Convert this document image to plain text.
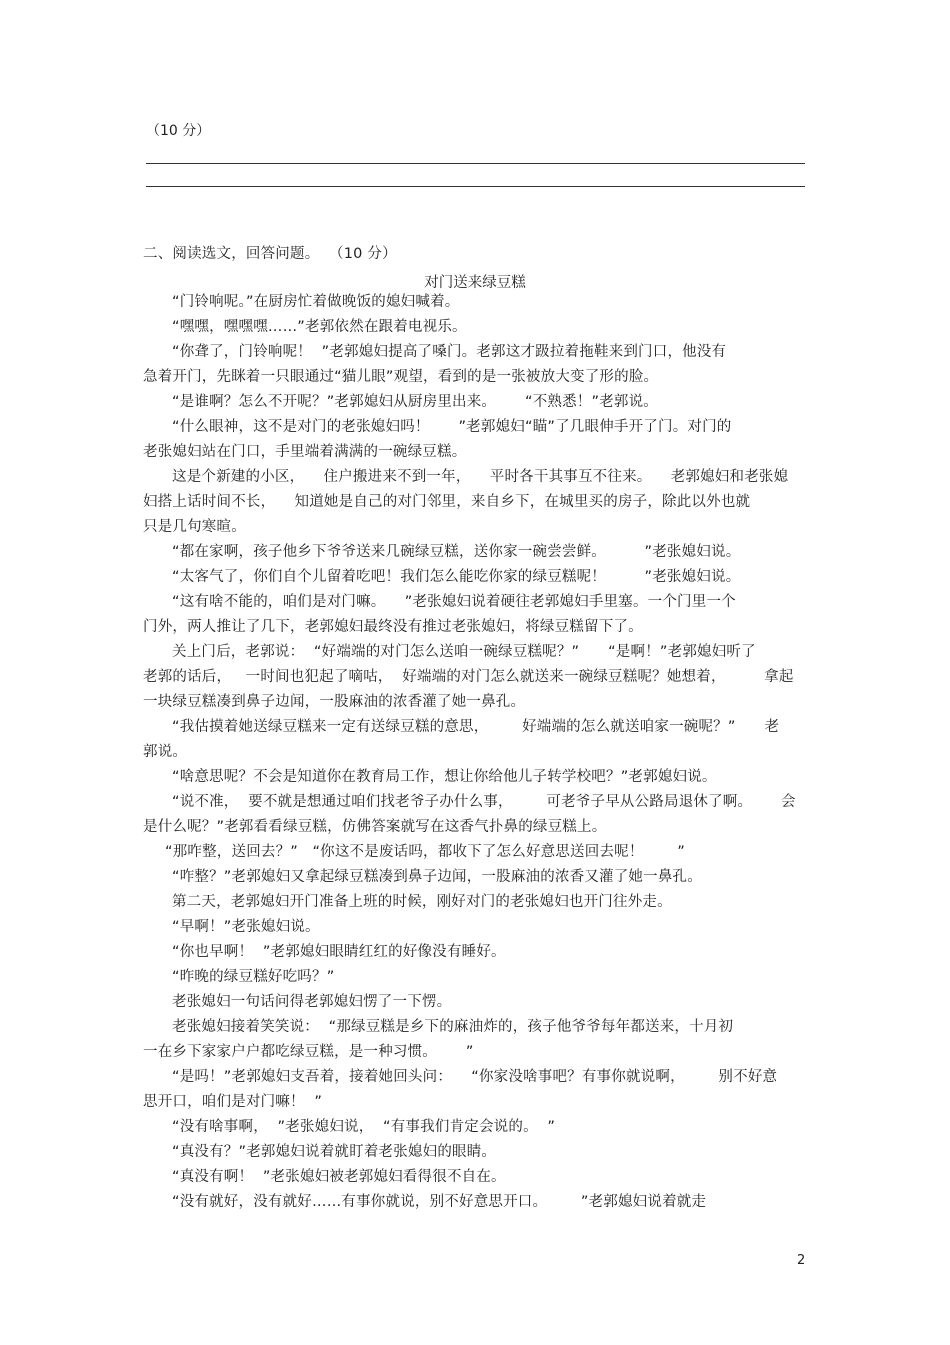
（10 分）
二、阅读选文，回答问题。  （10 分）
对门送来绿豆糕
“门铃响呢。”在厨房忙着做晚饭的媳妇喊着。
“嘿嘿，嘿嘿嘿……”老郭依然在跟着电视乐。
“你聋了，门铃响呢！  ”老郭媳妇提高了嗓门。老郭这才趿拉着拖鞋来到门口，他没有
急着开门，先眯着一只眼通过“猫儿眼”观望，看到的是一张被放大变了形的脸。
“是谁啊？怎么不开呢？”老郭媳妇从厨房里出来。      “不熟悉！”老郭说。
“什么眼神，这不是对门的老张媳妇吗！      ”老郭媳妇“瞄”了几眼伸手开了门。对门的
老张媳妇站在门口，手里端着满满的一碗绿豆糕。
这是个新建的小区，    住户搬进来不到一年，    平时各干其事互不往来。    老郭媳妇和老张媳
妇搭上话时间不长，    知道她是自己的对门邻里，来自乡下，在城里买的房子，除此以外也就
只是几句寒暄。
“都在家啊，孩子他乡下爷爷送来几碗绿豆糕，送你家一碗尝尝鲜。        ”老张媳妇说。
“太客气了，你们自个儿留着吃吧！我们怎么能吃你家的绿豆糕呢！        ”老张媳妇说。
“这有啥不能的，咱们是对门嘛。    ”老张媳妇说着硬往老郭媳妇手里塞。一个门里一个
门外，两人推让了几下，老郭媳妇最终没有推过老张媳妇，将绿豆糕留下了。
关上门后，老郭说：  “好端端的对门怎么送咱一碗绿豆糕呢？”      “是啊！”老郭媳妇听了
老郭的话后，   一时间也犯起了嘀咕，  好端端的对门怎么就送来一碗绿豆糕呢？她想着，        拿起
一块绿豆糕凑到鼻子边闻，一股麻油的浓香灌了她一鼻孔。
“我估摸着她送绿豆糕来一定有送绿豆糕的意思，       好端端的怎么就送咱家一碗呢？”      老
郭说。
“啥意思呢？不会是知道你在教育局工作，想让你给他儿子转学校吧？”老郭媳妇说。
“说不准，  要不就是想通过咱们找老爷子办什么事，       可老爷子早从公路局退休了啊。      会
是什么呢？”老郭看看绿豆糕，仿佛答案就写在这香气扑鼻的绿豆糕上。
“那咋整，送回去？”   “你这不是废话吗，都收下了怎么好意思送回去呢！       ”
“咋整？”老郭媳妇又拿起绿豆糕凑到鼻子边闻，一股麻油的浓香又灌了她一鼻孔。
第二天，老郭媳妇开门准备上班的时候，刚好对门的老张媳妇也开门往外走。
“早啊！”老张媳妇说。
“你也早啊！  ”老郭媳妇眼睛红红的好像没有睡好。
“昨晚的绿豆糕好吃吗？”
老张媳妇一句话问得老郭媳妇愣了一下愣。
老张媳妇接着笑笑说：  “那绿豆糕是乡下的麻油炸的，孩子他爷爷每年都送来，十月初
一在乡下家家户户都吃绿豆糕，是一种习惯。      ”
“是吗！”老郭媳妇支吾着，接着她回头问：    “你家没啥事吧？有事你就说啊，       别不好意
思开口，咱们是对门嘛！  ”
“没有啥事啊，  ”老张媳妇说，  “有事我们肯定会说的。  ”
“真没有？”老郭媳妇说着就盯着老张媳妇的眼睛。
“真没有啊！  ”老张媳妇被老郭媳妇看得很不自在。
“没有就好，没有就好……有事你就说，别不好意思开口。       ”老郭媳妇说着就走
2
